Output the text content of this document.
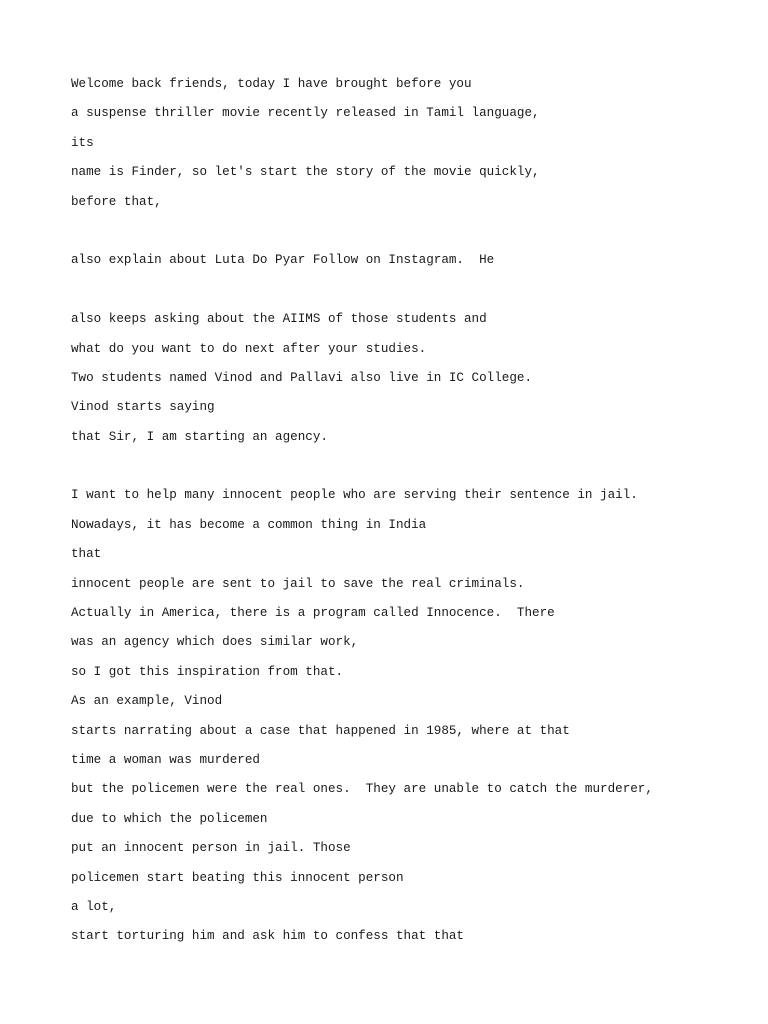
Welcome back friends, today I have brought before you

a suspense thriller movie recently released in Tamil language,

its

name is Finder, so let's start the story of the movie quickly,

before that,

also explain about Luta Do Pyar Follow on Instagram.  He

also keeps asking about the AIIMS of those students and

what do you want to do next after your studies.

Two students named Vinod and Pallavi also live in IC College.

Vinod starts saying

that Sir, I am starting an agency.

I want to help many innocent people who are serving their sentence in jail.

Nowadays, it has become a common thing in India

that

innocent people are sent to jail to save the real criminals.

Actually in America, there is a program called Innocence.  There

was an agency which does similar work,

so I got this inspiration from that.

As an example, Vinod

starts narrating about a case that happened in 1985, where at that

time a woman was murdered

but the policemen were the real ones.  They are unable to catch the murderer,

due to which the policemen

put an innocent person in jail. Those

policemen start beating this innocent person

a lot,

start torturing him and ask him to confess that that
